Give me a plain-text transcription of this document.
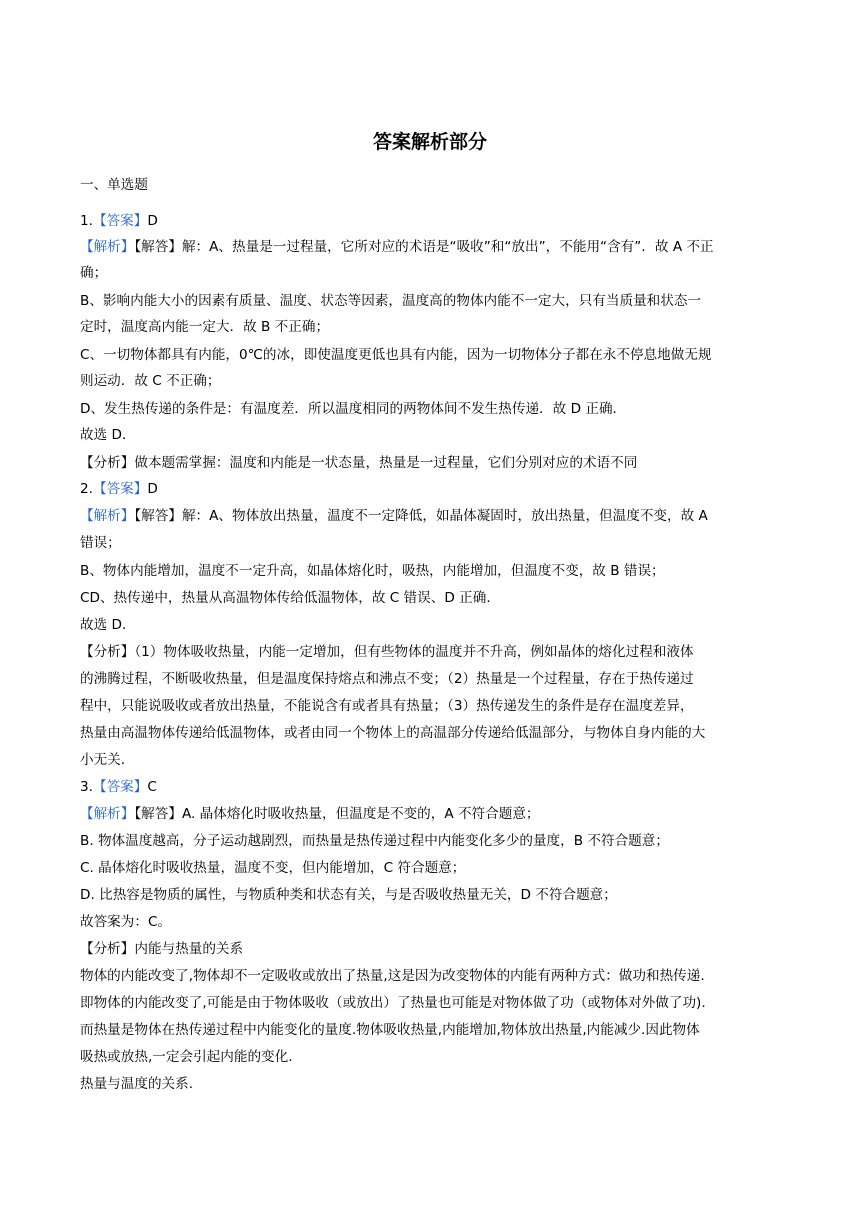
答案解析部分
一、单选题
1.【答案】D
【解析】【解答】解：A、热量是一过程量，它所对应的术语是“吸收”和“放出”，不能用“含有”．故 A 不正
确；
B、影响内能大小的因素有质量、温度、状态等因素，温度高的物体内能不一定大，只有当质量和状态一
定时，温度高内能一定大．故 B 不正确；
C、一切物体都具有内能，0℃的冰，即使温度更低也具有内能，因为一切物体分子都在永不停息地做无规
则运动．故 C 不正确；
D、发生热传递的条件是：有温度差．所以温度相同的两物体间不发生热传递．故 D 正确．
故选 D．
【分析】做本题需掌握：温度和内能是一状态量，热量是一过程量，它们分别对应的术语不同
2.【答案】D
【解析】【解答】解：A、物体放出热量，温度不一定降低，如晶体凝固时，放出热量，但温度不变，故 A
错误；
B、物体内能增加，温度不一定升高，如晶体熔化时，吸热，内能增加，但温度不变，故 B 错误；
CD、热传递中，热量从高温物体传给低温物体，故 C 错误、D 正确．
故选 D．
【分析】（1）物体吸收热量，内能一定增加，但有些物体的温度并不升高，例如晶体的熔化过程和液体
的沸腾过程，不断吸收热量，但是温度保持熔点和沸点不变；（2）热量是一个过程量，存在于热传递过
程中，只能说吸收或者放出热量，不能说含有或者具有热量；（3）热传递发生的条件是存在温度差异，
热量由高温物体传递给低温物体，或者由同一个物体上的高温部分传递给低温部分，与物体自身内能的大
小无关．
3.【答案】C
【解析】【解答】A. 晶体熔化时吸收热量，但温度是不变的，A 不符合题意；
B. 物体温度越高，分子运动越剧烈，而热量是热传递过程中内能变化多少的量度，B 不符合题意；
C. 晶体熔化时吸收热量，温度不变，但内能增加，C 符合题意；
D. 比热容是物质的属性，与物质种类和状态有关，与是否吸收热量无关，D 不符合题意；
故答案为：C。
【分析】内能与热量的关系
物体的内能改变了,物体却不一定吸收或放出了热量,这是因为改变物体的内能有两种方式：做功和热传递.
即物体的内能改变了,可能是由于物体吸收（或放出）了热量也可能是对物体做了功（或物体对外做了功).
而热量是物体在热传递过程中内能变化的量度.物体吸收热量,内能增加,物体放出热量,内能减少.因此物体
吸热或放热,一定会引起内能的变化.
热量与温度的关系.
